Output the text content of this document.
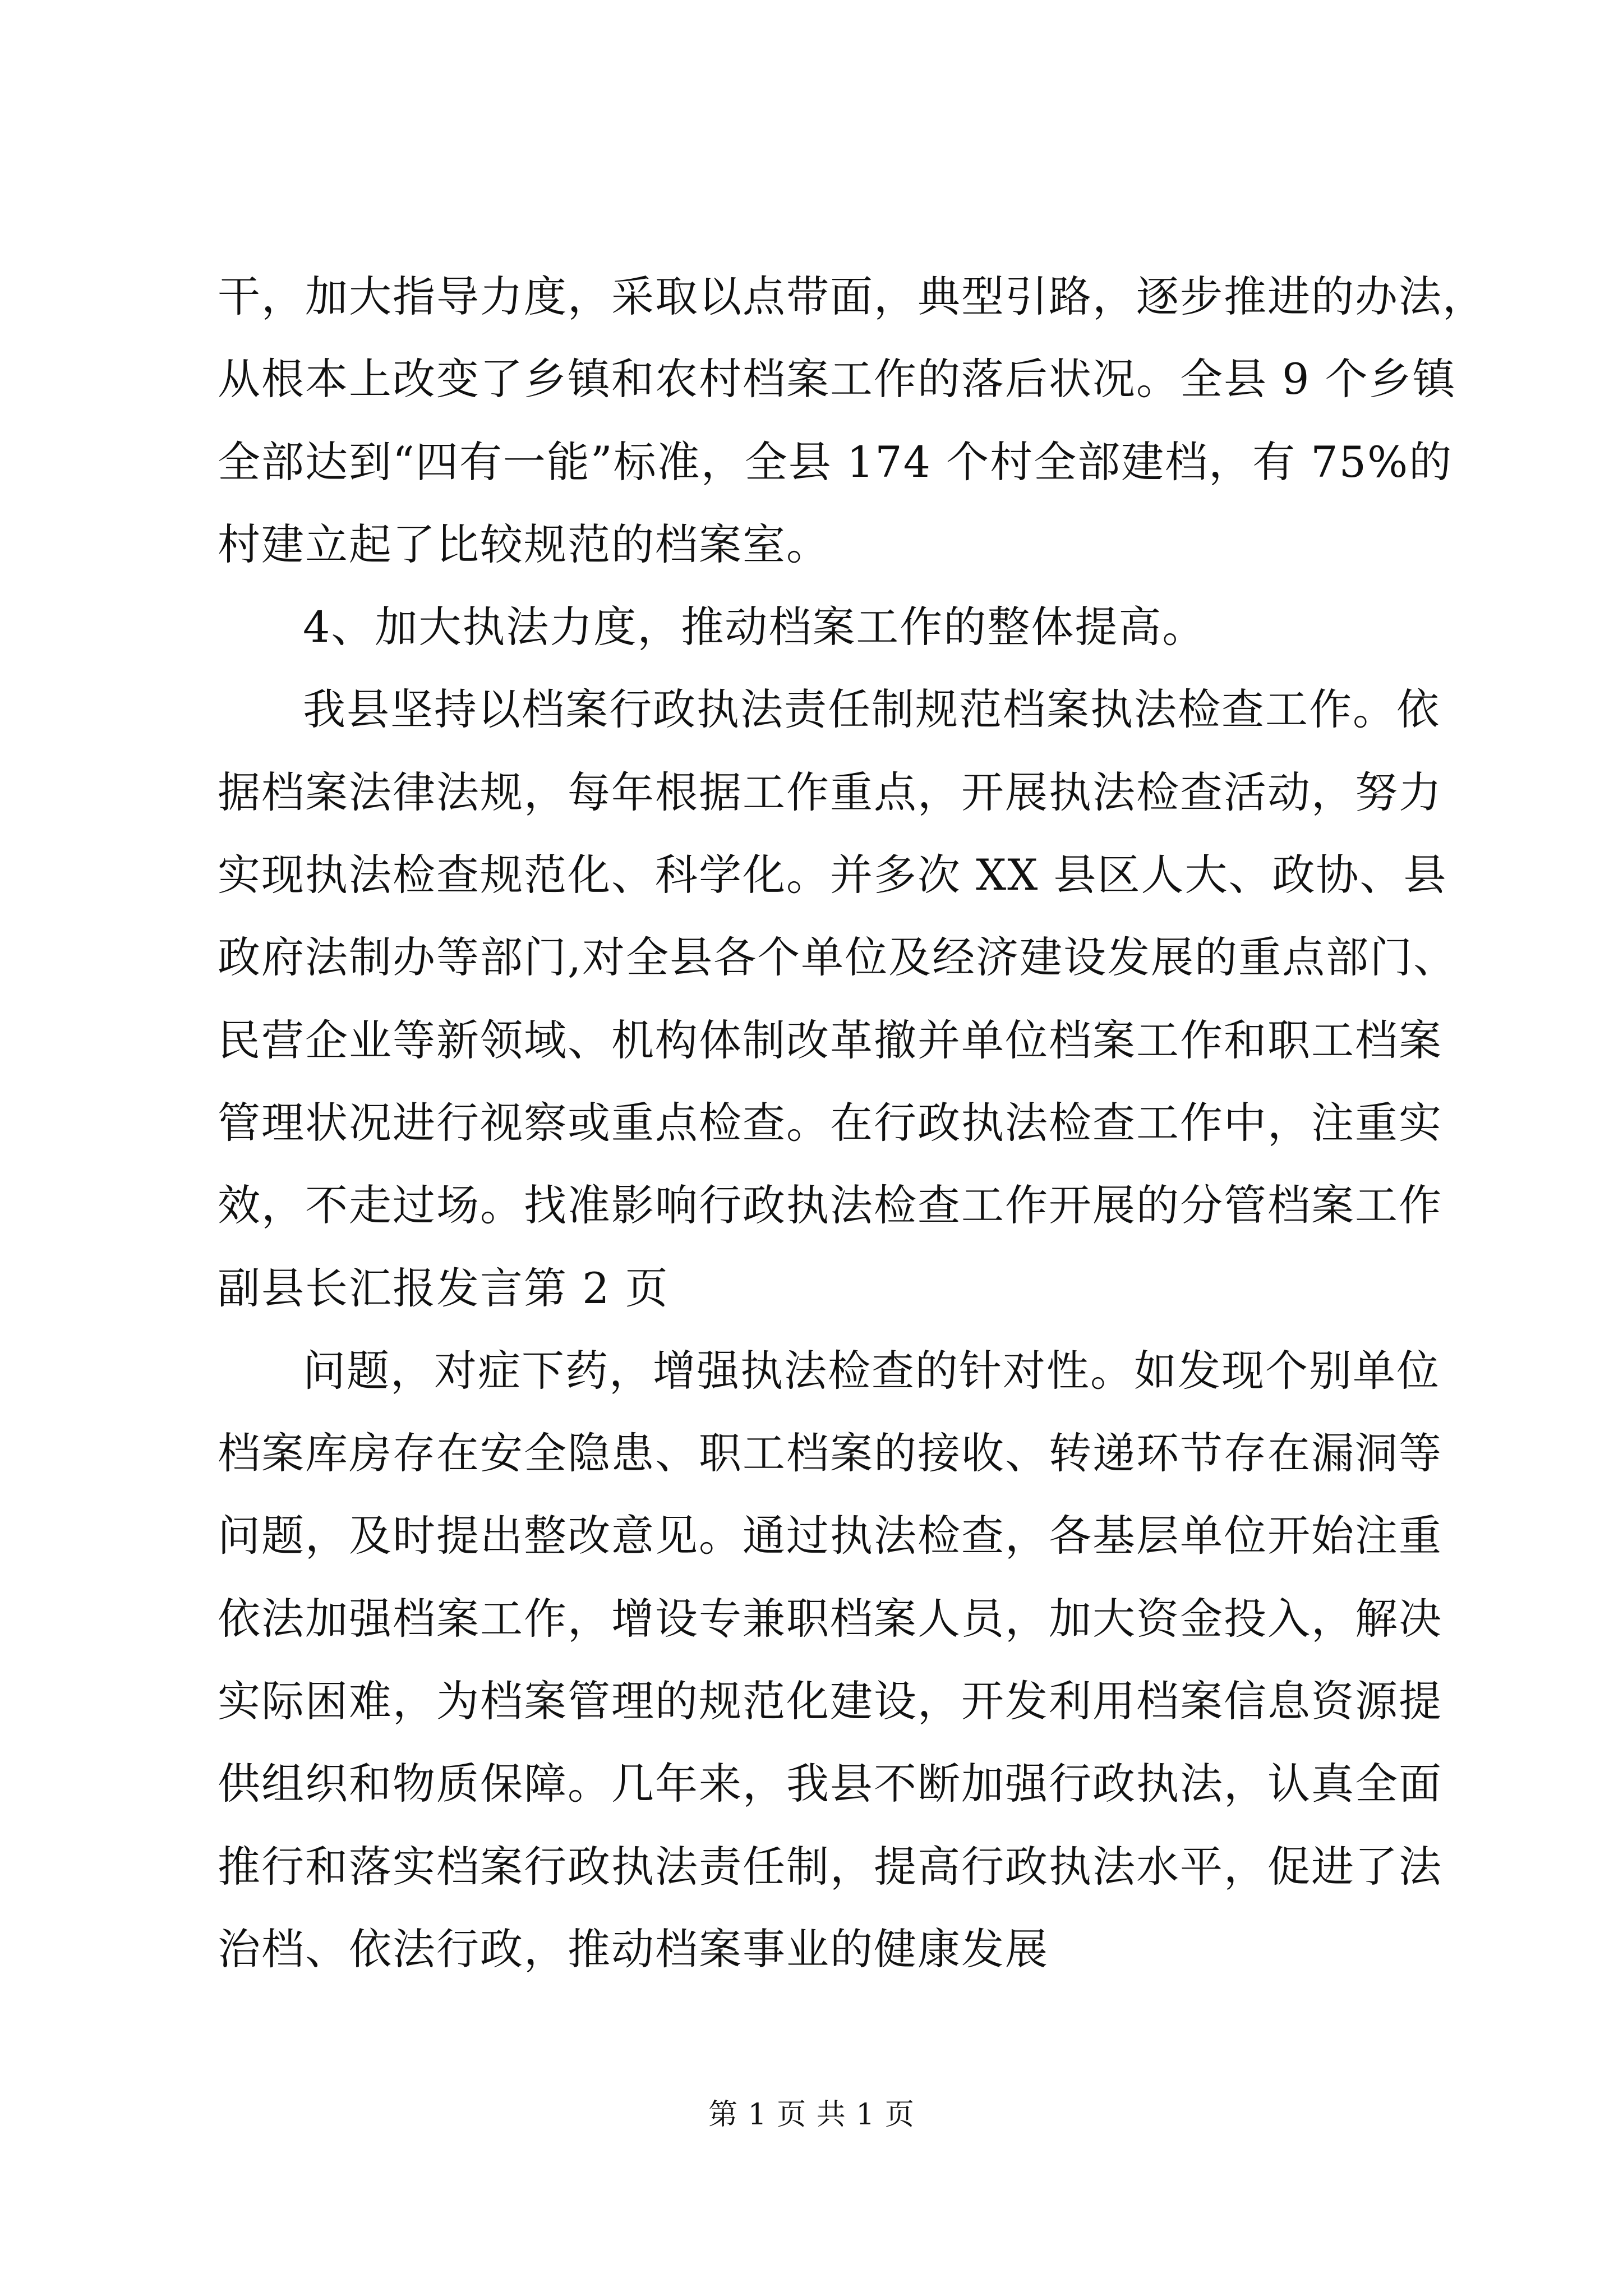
干，加大指导力度，采取以点带面，典型引路，逐步推进的办法，
从根本上改变了乡镇和农村档案工作的落后状况。全县 9 个乡镇
全部达到“四有一能”标准，全县 174 个村全部建档，有 75%的
村建立起了比较规范的档案室。
4、加大执法力度，推动档案工作的整体提高。
我县坚持以档案行政执法责任制规范档案执法检查工作。依
据档案法律法规，每年根据工作重点，开展执法检查活动，努力
实现执法检查规范化、科学化。并多次 XX 县区人大、政协、县
政府法制办等部门,对全县各个单位及经济建设发展的重点部门、
民营企业等新领域、机构体制改革撤并单位档案工作和职工档案
管理状况进行视察或重点检查。在行政执法检查工作中，注重实
效，不走过场。找准影响行政执法检查工作开展的分管档案工作
副县长汇报发言第 2 页
问题，对症下药，增强执法检查的针对性。如发现个别单位
档案库房存在安全隐患、职工档案的接收、转递环节存在漏洞等
问题，及时提出整改意见。通过执法检查，各基层单位开始注重
依法加强档案工作，增设专兼职档案人员，加大资金投入，解决
实际困难，为档案管理的规范化建设，开发利用档案信息资源提
供组织和物质保障。几年来，我县不断加强行政执法，认真全面
推行和落实档案行政执法责任制，提高行政执法水平，促进了法
治档、依法行政，推动档案事业的健康发展
第 1 页 共 1 页
